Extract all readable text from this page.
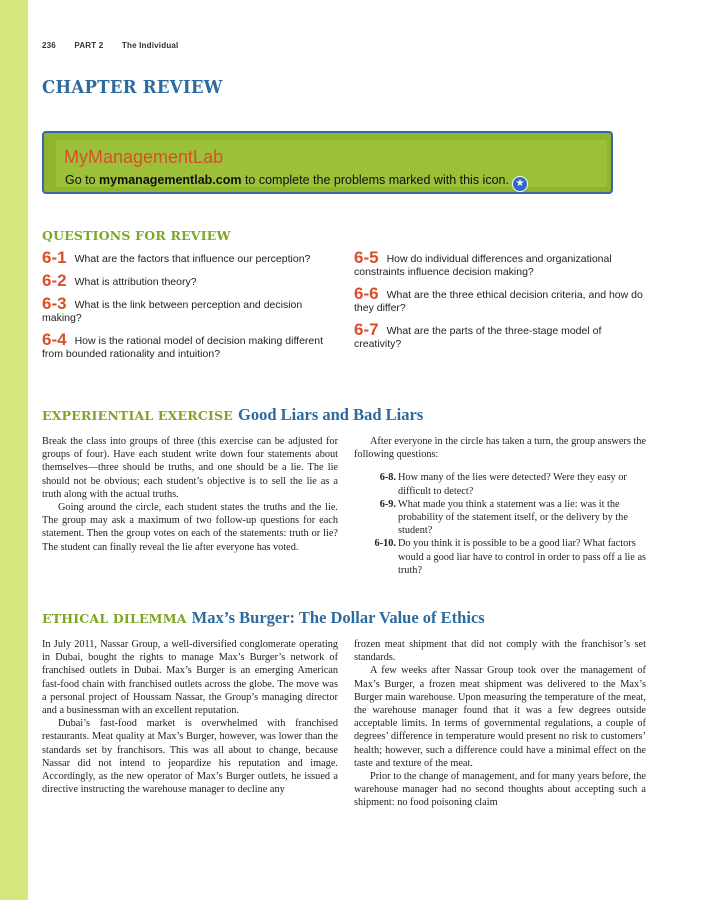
236 PART 2 The Individual
CHAPTER REVIEW
MyManagementLab
Go to mymanagementlab.com to complete the problems marked with this icon. ★
QUESTIONS FOR REVIEW
6-1 What are the factors that influence our perception?
6-2 What is attribution theory?
6-3 What is the link between perception and decision making?
6-4 How is the rational model of decision making different from bounded rationality and intuition?
6-5 How do individual differences and organizational constraints influence decision making?
6-6 What are the three ethical decision criteria, and how do they differ?
6-7 What are the parts of the three-stage model of creativity?
EXPERIENTIAL EXERCISE Good Liars and Bad Liars

Break the class into groups of three (this exercise can be adjusted for groups of four). Have each student write down four statements about themselves—three should be truths, and one should be a lie. The lie should not be obvious; each student’s objective is to sell the lie as a truth along with the actual truths.

Going around the circle, each student states the truths and the lie. The group may ask a maximum of two follow-up questions for each statement. Then the group votes on each of the statements: truth or lie? The student can finally reveal the lie after everyone has voted.

After everyone in the circle has taken a turn, the group answers the following questions:

6-8. How many of the lies were detected? Were they easy or difficult to detect?
6-9. What made you think a statement was a lie: was it the probability of the statement itself, or the delivery by the student?
6-10. Do you think it is possible to be a good liar? What factors would a good liar have to control in order to pass off a lie as truth?
ETHICAL DILEMMA Max’s Burger: The Dollar Value of Ethics

In July 2011, Nassar Group, a well-diversified conglomerate operating in Dubai, bought the rights to manage Max’s Burger’s network of franchised outlets in Dubai. Max’s Burger is an emerging American fast-food chain with franchised outlets across the globe. The move was a personal project of Houssam Nassar, the Group’s managing director and a businessman with an excellent reputation.

Dubai’s fast-food market is overwhelmed with franchised restaurants. Meat quality at Max’s Burger, however, was lower than the standards set by franchisors. This was all about to change, because Nassar did not intend to jeopardize his reputation and image. Accordingly, as the new operator of Max’s Burger outlets, he issued a directive instructing the warehouse manager to decline any

frozen meat shipment that did not comply with the franchisor’s set standards.

A few weeks after Nassar Group took over the management of Max’s Burger, a frozen meat shipment was delivered to the Max’s Burger main warehouse. Upon measuring the temperature of the meat, the warehouse manager found that it was a few degrees outside acceptable limits. In terms of governmental regulations, a couple of degrees’ difference in temperature would present no risk to customers’ health; however, such a difference could have a minimal effect on the taste and texture of the meat.

Prior to the change of management, and for many years before, the warehouse manager had no second thoughts about accepting such a shipment: no food poisoning claim
